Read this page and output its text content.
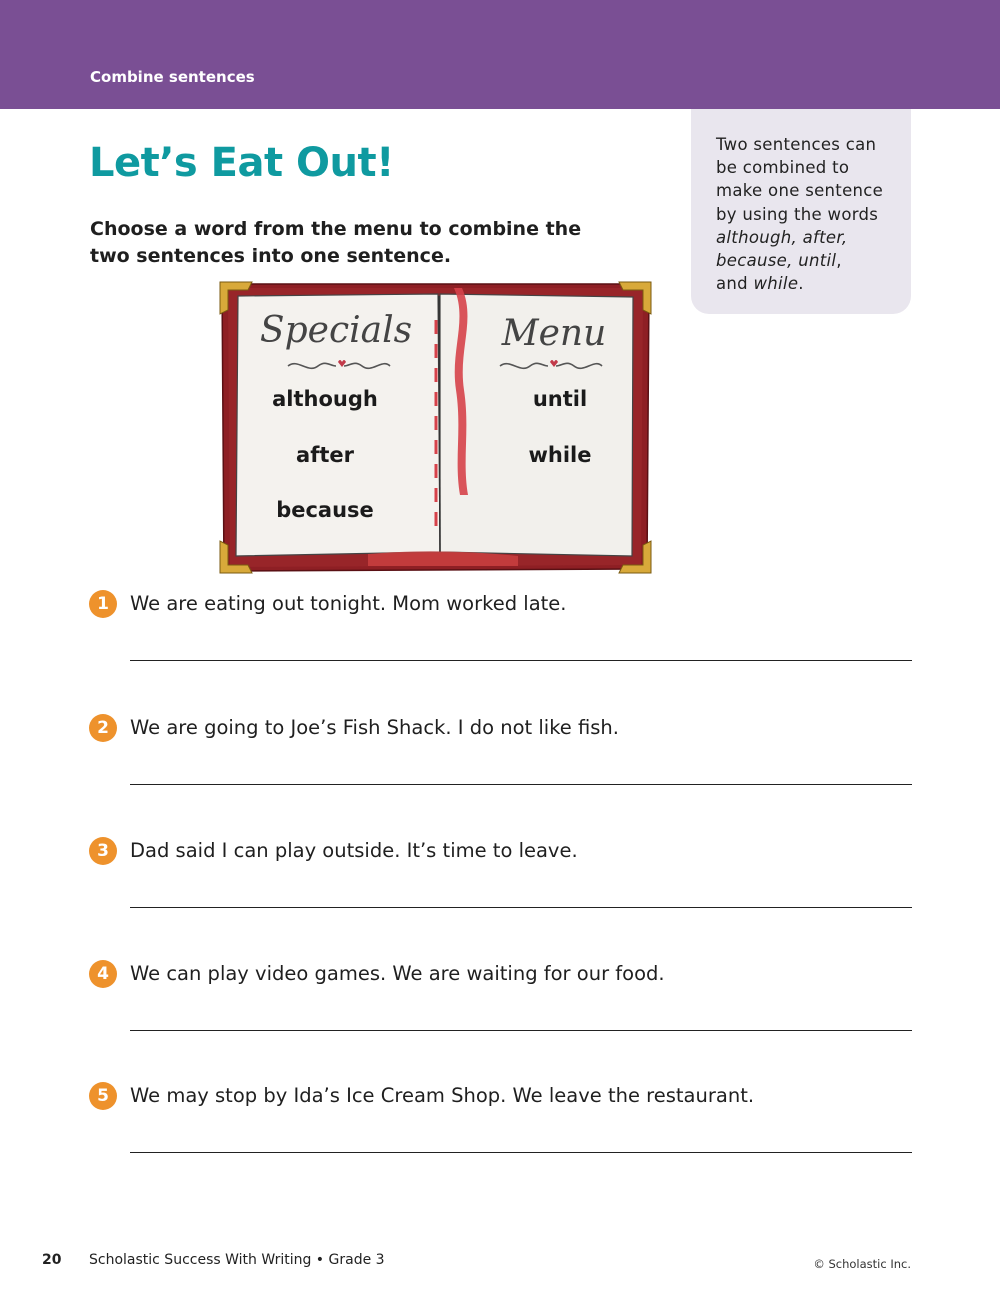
Combine sentences
Let’s Eat Out!
Choose a word from the menu to combine the two sentences into one sentence.
Two sentences can
be combined to
make one sentence
by using the words
although, after,
because, until,
and while.
Specials Menu
although
after
because
until
while
1	We are eating out tonight. Mom worked late.
2	We are going to Joe’s Fish Shack. I do not like fish.
3	Dad said I can play outside. It’s time to leave.
4	We can play video games. We are waiting for our food.
5	We may stop by Ida’s Ice Cream Shop. We leave the restaurant.
20 Scholastic Success With Writing • Grade 3	© Scholastic Inc.
